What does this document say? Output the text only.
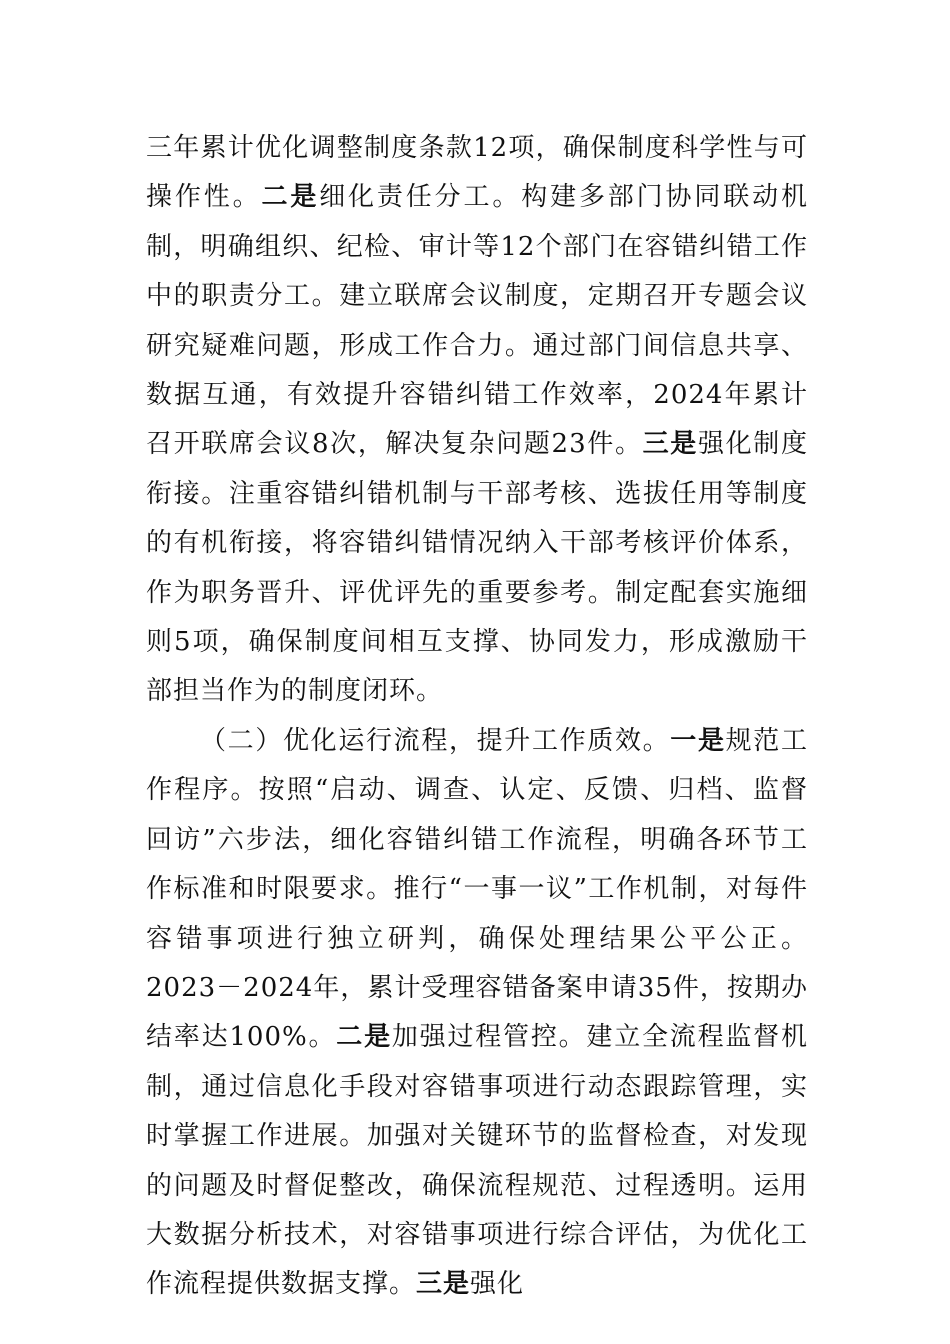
三年累计优化调整制度条款12项，确保制度科学性与可操作性。二是细化责任分工。构建多部门协同联动机制，明确组织、纪检、审计等12个部门在容错纠错工作中的职责分工。建立联席会议制度，定期召开专题会议研究疑难问题，形成工作合力。通过部门间信息共享、数据互通，有效提升容错纠错工作效率，2024年累计召开联席会议8次，解决复杂问题23件。三是强化制度衔接。注重容错纠错机制与干部考核、选拔任用等制度的有机衔接，将容错纠错情况纳入干部考核评价体系，作为职务晋升、评优评先的重要参考。制定配套实施细则5项，确保制度间相互支撑、协同发力，形成激励干部担当作为的制度闭环。

（二）优化运行流程，提升工作质效。一是规范工作程序。按照“启动、调查、认定、反馈、归档、监督回访”六步法，细化容错纠错工作流程，明确各环节工作标准和时限要求。推行“一事一议”工作机制，对每件容错事项进行独立研判，确保处理结果公平公正。2023－2024年，累计受理容错备案申请35件，按期办结率达100%。二是加强过程管控。建立全流程监督机制，通过信息化手段对容错事项进行动态跟踪管理，实时掌握工作进展。加强对关键环节的监督检查，对发现的问题及时督促整改，确保流程规范、过程透明。运用大数据分析技术，对容错事项进行综合评估，为优化工作流程提供数据支撑。三是强化
